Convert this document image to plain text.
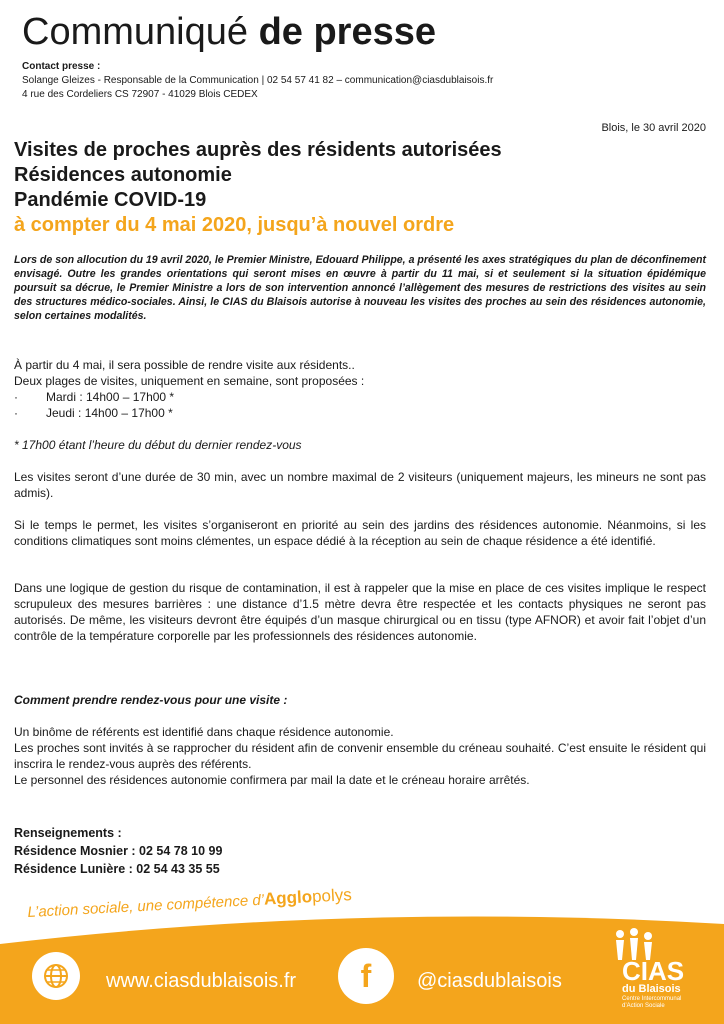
Communiqué de presse
Contact presse :
Solange Gleizes - Responsable de la Communication | 02 54 57 41 82 – communication@ciasdublaisois.fr
4 rue des Cordeliers CS 72907 - 41029 Blois CEDEX
Blois, le 30 avril 2020
Visites de proches auprès des résidents autorisées
Résidences autonomie
Pandémie COVID-19
à compter du 4 mai 2020, jusqu’à nouvel ordre
Lors de son allocution du 19 avril 2020, le Premier Ministre, Edouard Philippe, a présenté les axes stratégiques du plan de déconfinement envisagé. Outre les grandes orientations qui seront mises en œuvre à partir du 11 mai, si et seulement si la situation épidémique poursuit sa décrue, le Premier Ministre a lors de son intervention annoncé l’allègement des mesures de restrictions des visites au sein des structures médico-sociales. Ainsi, le CIAS du Blaisois autorise à nouveau les visites des proches au sein des résidences autonomie, selon certaines modalités.
À partir du 4 mai, il sera possible de rendre visite aux résidents..
Deux plages de visites, uniquement en semaine, sont proposées :
·	Mardi : 14h00 – 17h00 *
·	Jeudi : 14h00 – 17h00 *
* 17h00 étant l’heure du début du dernier rendez-vous
Les visites seront d’une durée de 30 min, avec un nombre maximal de 2 visiteurs (uniquement majeurs, les mineurs ne sont pas admis).
Si le temps le permet, les visites s’organiseront en priorité au sein des jardins des résidences autonomie. Néanmoins, si les conditions climatiques sont moins clémentes, un espace dédié à la réception au sein de chaque résidence a été identifié.
Dans une logique de gestion du risque de contamination, il est à rappeler que la mise en place de ces visites implique le respect scrupuleux des mesures barrières : une distance d’1.5 mètre devra être respectée et les contacts physiques ne seront pas autorisés. De même, les visiteurs devront être équipés d’un masque chirurgical ou en tissu (type AFNOR) et avoir fait l’objet d’un contrôle de la température corporelle par les professionnels des résidences autonomie.
Comment prendre rendez-vous pour une visite :
Un binôme de référents est identifié dans chaque résidence autonomie.
Les proches sont invités à se rapprocher du résident afin de convenir ensemble du créneau souhaité. C’est ensuite le résident qui inscrira le rendez-vous auprès des référents.
Le personnel des résidences autonomie confirmera par mail la date et le créneau horaire arrêtés.
Renseignements :
Résidence Mosnier : 02 54 78 10 99
Résidence Lunière : 02 54 43 35 55
L’action sociale, une compétence d’Agglopolys
www.ciasdublaisois.fr f @ciasdublaisois CIAS
du Blaisois
Centre Intercommunal d’Action Sociale
